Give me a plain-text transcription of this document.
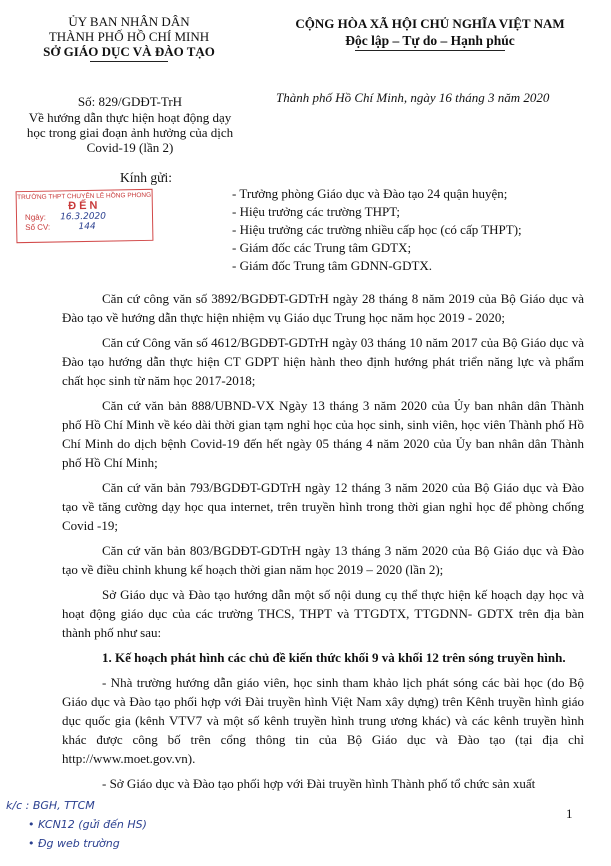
ỦY BAN NHÂN DÂN
THÀNH PHỐ HỒ CHÍ MINH
SỞ GIÁO DỤC VÀ ĐÀO TẠO
CỘNG HÒA XÃ HỘI CHỦ NGHĨA VIỆT NAM
Độc lập – Tự do – Hạnh phúc
Số: 829/GDĐT-TrH
Về hướng dẫn thực hiện hoạt động dạy
học trong giai đoạn ảnh hưởng của dịch
Covid-19 (lần 2)
Thành phố Hồ Chí Minh, ngày 16 tháng 3 năm 2020
Kính gửi:
TRƯỜNG THPT CHUYÊN LÊ HỒNG PHONG
ĐẾN
Ngày: 16.3.2020
Số CV:	144
- Trưởng phòng Giáo dục và Đào tạo 24 quận huyện;
- Hiệu trưởng các trường THPT;
- Hiệu trưởng các trường nhiều cấp học (có cấp THPT);
- Giám đốc các Trung tâm GDTX;
- Giám đốc Trung tâm GDNN-GDTX.

Căn cứ công văn số 3892/BGDĐT-GDTrH ngày 28 tháng 8 năm 2019 của Bộ Giáo dục và Đào tạo về hướng dẫn thực hiện nhiệm vụ Giáo dục Trung học năm học 2019 - 2020;

Căn cứ Công văn số 4612/BGDĐT-GDTrH ngày 03 tháng 10 năm 2017 của Bộ Giáo dục và Đào tạo hướng dẫn thực hiện CT GDPT hiện hành theo định hướng phát triển năng lực và phẩm chất học sinh từ năm học 2017-2018;

Căn cứ văn bản 888/UBND-VX Ngày 13 tháng 3 năm 2020 của Ủy ban nhân dân Thành phố Hồ Chí Minh về kéo dài thời gian tạm nghỉ học của học sinh, sinh viên, học viên Thành phố Hồ Chí Minh do dịch bệnh Covid-19 đến hết ngày 05 tháng 4 năm 2020 của Ủy ban nhân dân Thành phố Hồ Chí Minh;

Căn cứ văn bản 793/BGDĐT-GDTrH ngày 12 tháng 3 năm 2020 của Bộ Giáo dục và Đào tạo về tăng cường dạy học qua internet, trên truyền hình trong thời gian nghỉ học để phòng chống Covid -19;

Căn cứ văn bản 803/BGDĐT-GDTrH ngày 13 tháng 3 năm 2020 của Bộ Giáo dục và Đào tạo về điều chỉnh khung kế hoạch thời gian năm học 2019 – 2020 (lần 2);

Sở Giáo dục và Đào tạo hướng dẫn một số nội dung cụ thể thực hiện kế hoạch dạy học và hoạt động giáo dục của các trường THCS, THPT và TTGDTX, TTGDNN- GDTX trên địa bàn thành phố như sau:

1. Kế hoạch phát hình các chủ đề kiến thức khối 9 và khối 12 trên sóng truyền hình.

- Nhà trường hướng dẫn giáo viên, học sinh tham khảo lịch phát sóng các bài học (do Bộ Giáo dục và Đào tạo phối hợp với Đài truyền hình Việt Nam xây dựng) trên Kênh truyền hình giáo dục quốc gia (kênh VTV7 và một số kênh truyền hình trung ương khác) và các kênh truyền hình khác được công bố trên cổng thông tin của Bộ Giáo dục và Đào tạo (tại địa chỉ http://www.moet.gov.vn).

- Sở Giáo dục và Đào tạo phối hợp với Đài truyền hình Thành phố tổ chức sản xuất

1
k/c : BGH, TTCM
• KCN12 (gửi đến HS)
• Đg web trường
